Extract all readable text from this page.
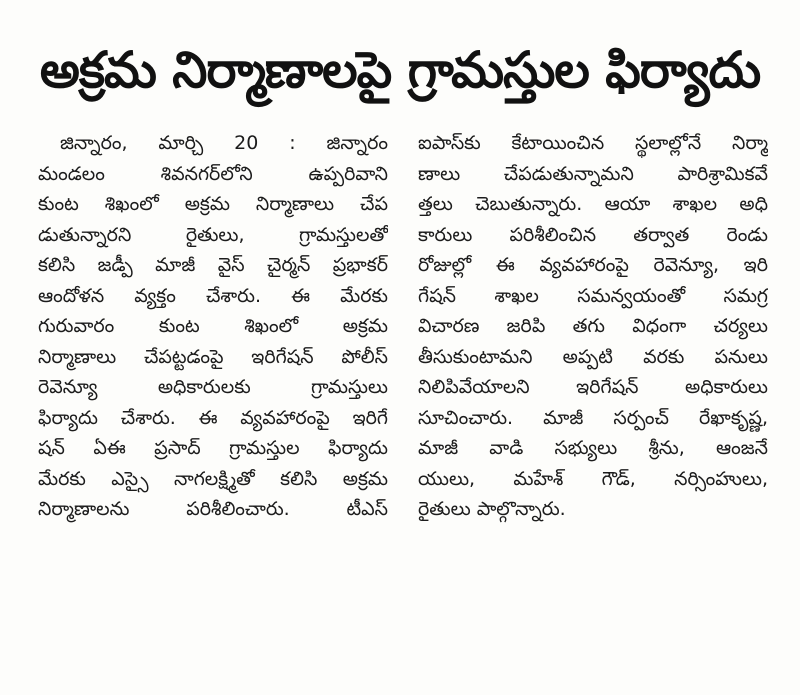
అక్రమ నిర్మాణాలపై గ్రామస్తుల ఫిర్యాదు
జిన్నారం, మార్చి 20 : జిన్నారం
మండలం శివనగర్‌లోని ఉప్పరివాని
కుంట శిఖంలో అక్రమ నిర్మాణాలు చేప
డుతున్నారని రైతులు, గ్రామస్తులతో
కలిసి జడ్పీ మాజీ వైస్ చైర్మన్ ప్రభాకర్
ఆందోళన వ్యక్తం చేశారు. ఈ మేరకు
గురువారం కుంట శిఖంలో అక్రమ
నిర్మాణాలు చేపట్టడంపై ఇరిగేషన్ పోలీస్
రెవెన్యూ అధికారులకు గ్రామస్తులు
ఫిర్యాదు చేశారు. ఈ వ్యవహారంపై ఇరిగే
షన్ ఏఈ ప్రసాద్ గ్రామస్తుల ఫిర్యాదు
మేరకు ఎస్సై నాగలక్ష్మితో కలిసి అక్రమ
నిర్మాణాలను పరిశీలించారు. టీఎస్
ఐపాస్‌కు కేటాయించిన స్థలాల్లోనే నిర్మా
ణాలు చేపడుతున్నామని పారిశ్రామికవే
త్తలు చెబుతున్నారు. ఆయా శాఖల అధి
కారులు పరిశీలించిన తర్వాత రెండు
రోజుల్లో ఈ వ్యవహారంపై రెవెన్యూ, ఇరి
గేషన్ శాఖల సమన్వయంతో సమగ్ర
విచారణ జరిపి తగు విధంగా చర్యలు
తీసుకుంటామని అప్పటి వరకు పనులు
నిలిపివేయాలని ఇరిగేషన్ అధికారులు
సూచించారు. మాజీ సర్పంచ్ రేఖాకృష్ణ,
మాజీ వాడి సభ్యులు శ్రీను, ఆంజనే
యులు, మహేశ్ గౌడ్, నర్సింహులు,
రైతులు పాల్గొన్నారు.
